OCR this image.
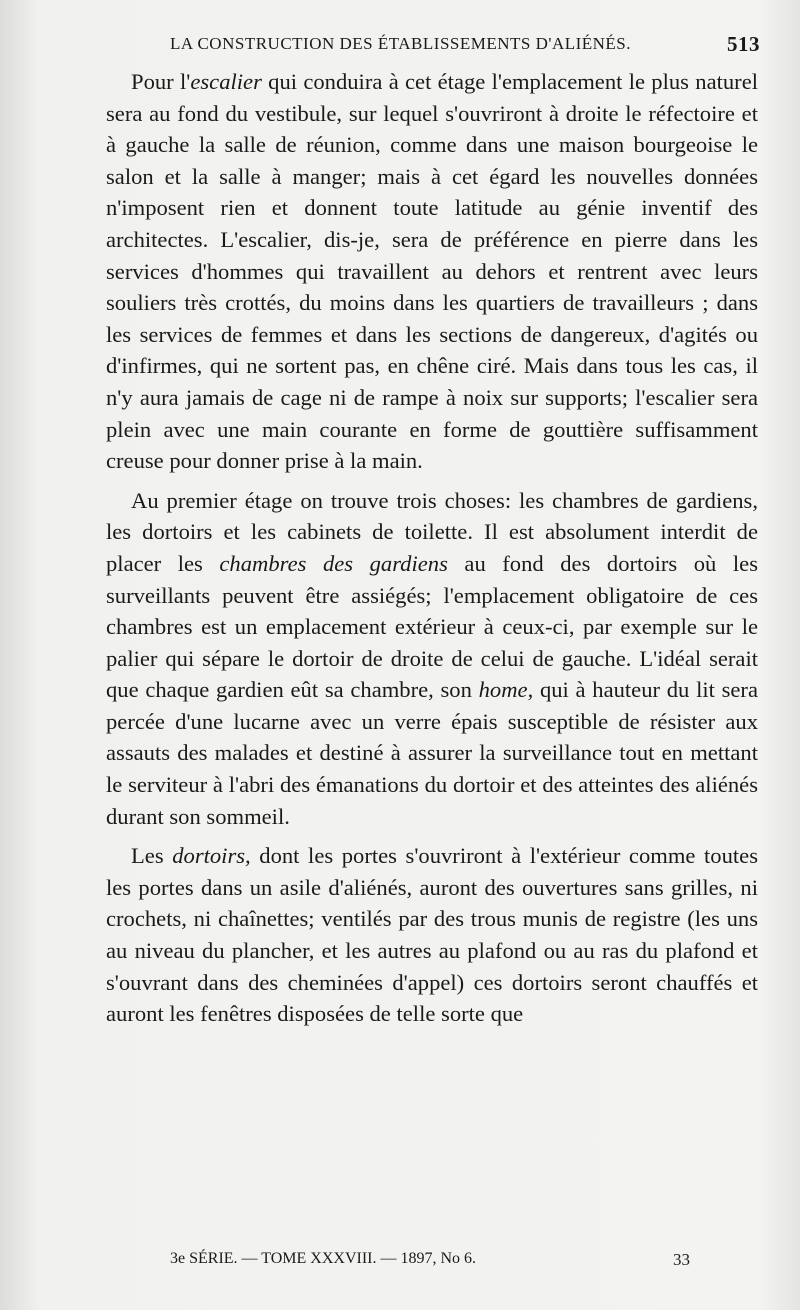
LA CONSTRUCTION DES ÉTABLISSEMENTS D'ALIÉNÉS.	513

Pour l'escalier qui conduira à cet étage l'emplacement le plus naturel sera au fond du vestibule, sur lequel s'ouvriront à droite le réfectoire et à gauche la salle de réunion, comme dans une maison bourgeoise le salon et la salle à manger; mais à cet égard les nouvelles données n'imposent rien et donnent toute latitude au génie inventif des architectes. L'escalier, dis-je, sera de préférence en pierre dans les services d'hommes qui travaillent au dehors et rentrent avec leurs souliers très crottés, du moins dans les quartiers de travailleurs ; dans les services de femmes et dans les sections de dangereux, d'agités ou d'infirmes, qui ne sortent pas, en chêne ciré. Mais dans tous les cas, il n'y aura jamais de cage ni de rampe à noix sur supports; l'escalier sera plein avec une main courante en forme de gouttière suffisamment creuse pour donner prise à la main.

Au premier étage on trouve trois choses: les chambres de gardiens, les dortoirs et les cabinets de toilette. Il est absolument interdit de placer les chambres des gardiens au fond des dortoirs où les surveillants peuvent être assiégés; l'emplacement obligatoire de ces chambres est un emplacement extérieur à ceux-ci, par exemple sur le palier qui sépare le dortoir de droite de celui de gauche. L'idéal serait que chaque gardien eût sa chambre, son home, qui à hauteur du lit sera percée d'une lucarne avec un verre épais susceptible de résister aux assauts des malades et destiné à assurer la surveillance tout en mettant le serviteur à l'abri des émanations du dortoir et des atteintes des aliénés durant son sommeil.

Les dortoirs, dont les portes s'ouvriront à l'extérieur comme toutes les portes dans un asile d'aliénés, auront des ouvertures sans grilles, ni crochets, ni chaînettes; ventilés par des trous munis de registre (les uns au niveau du plancher, et les autres au plafond ou au ras du plafond et s'ouvrant dans des cheminées d'appel) ces dortoirs seront chauffés et auront les fenêtres disposées de telle sorte que

3e SÉRIE. — TOME XXXVIII. — 1897, No 6.	33
